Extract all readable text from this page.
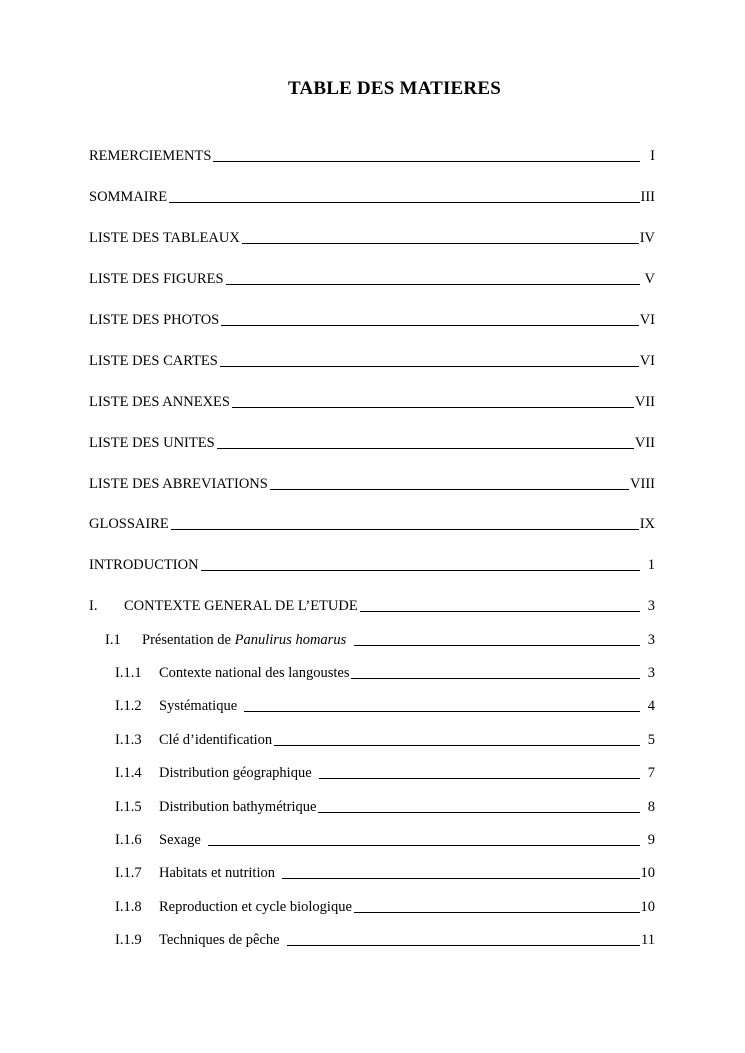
TABLE DES MATIERES
REMERCIEMENTS	I
SOMMAIRE	III
LISTE DES TABLEAUX	IV
LISTE DES FIGURES	V
LISTE DES PHOTOS	VI
LISTE DES CARTES	VI
LISTE DES ANNEXES	VII
LISTE DES UNITES	VII
LISTE DES ABREVIATIONS	VIII
GLOSSAIRE	IX
INTRODUCTION	1
I.	CONTEXTE GENERAL DE L’ETUDE	3
I.1	Présentation de Panulirus homarus	3
I.1.1	Contexte national des langoustes	3
I.1.2	Systématique	4
I.1.3	Clé d’identification	5
I.1.4	Distribution géographique	7
I.1.5	Distribution bathymétrique	8
I.1.6	Sexage	9
I.1.7	Habitats et nutrition	10
I.1.8	Reproduction et cycle biologique	10
I.1.9	Techniques de pêche	11
